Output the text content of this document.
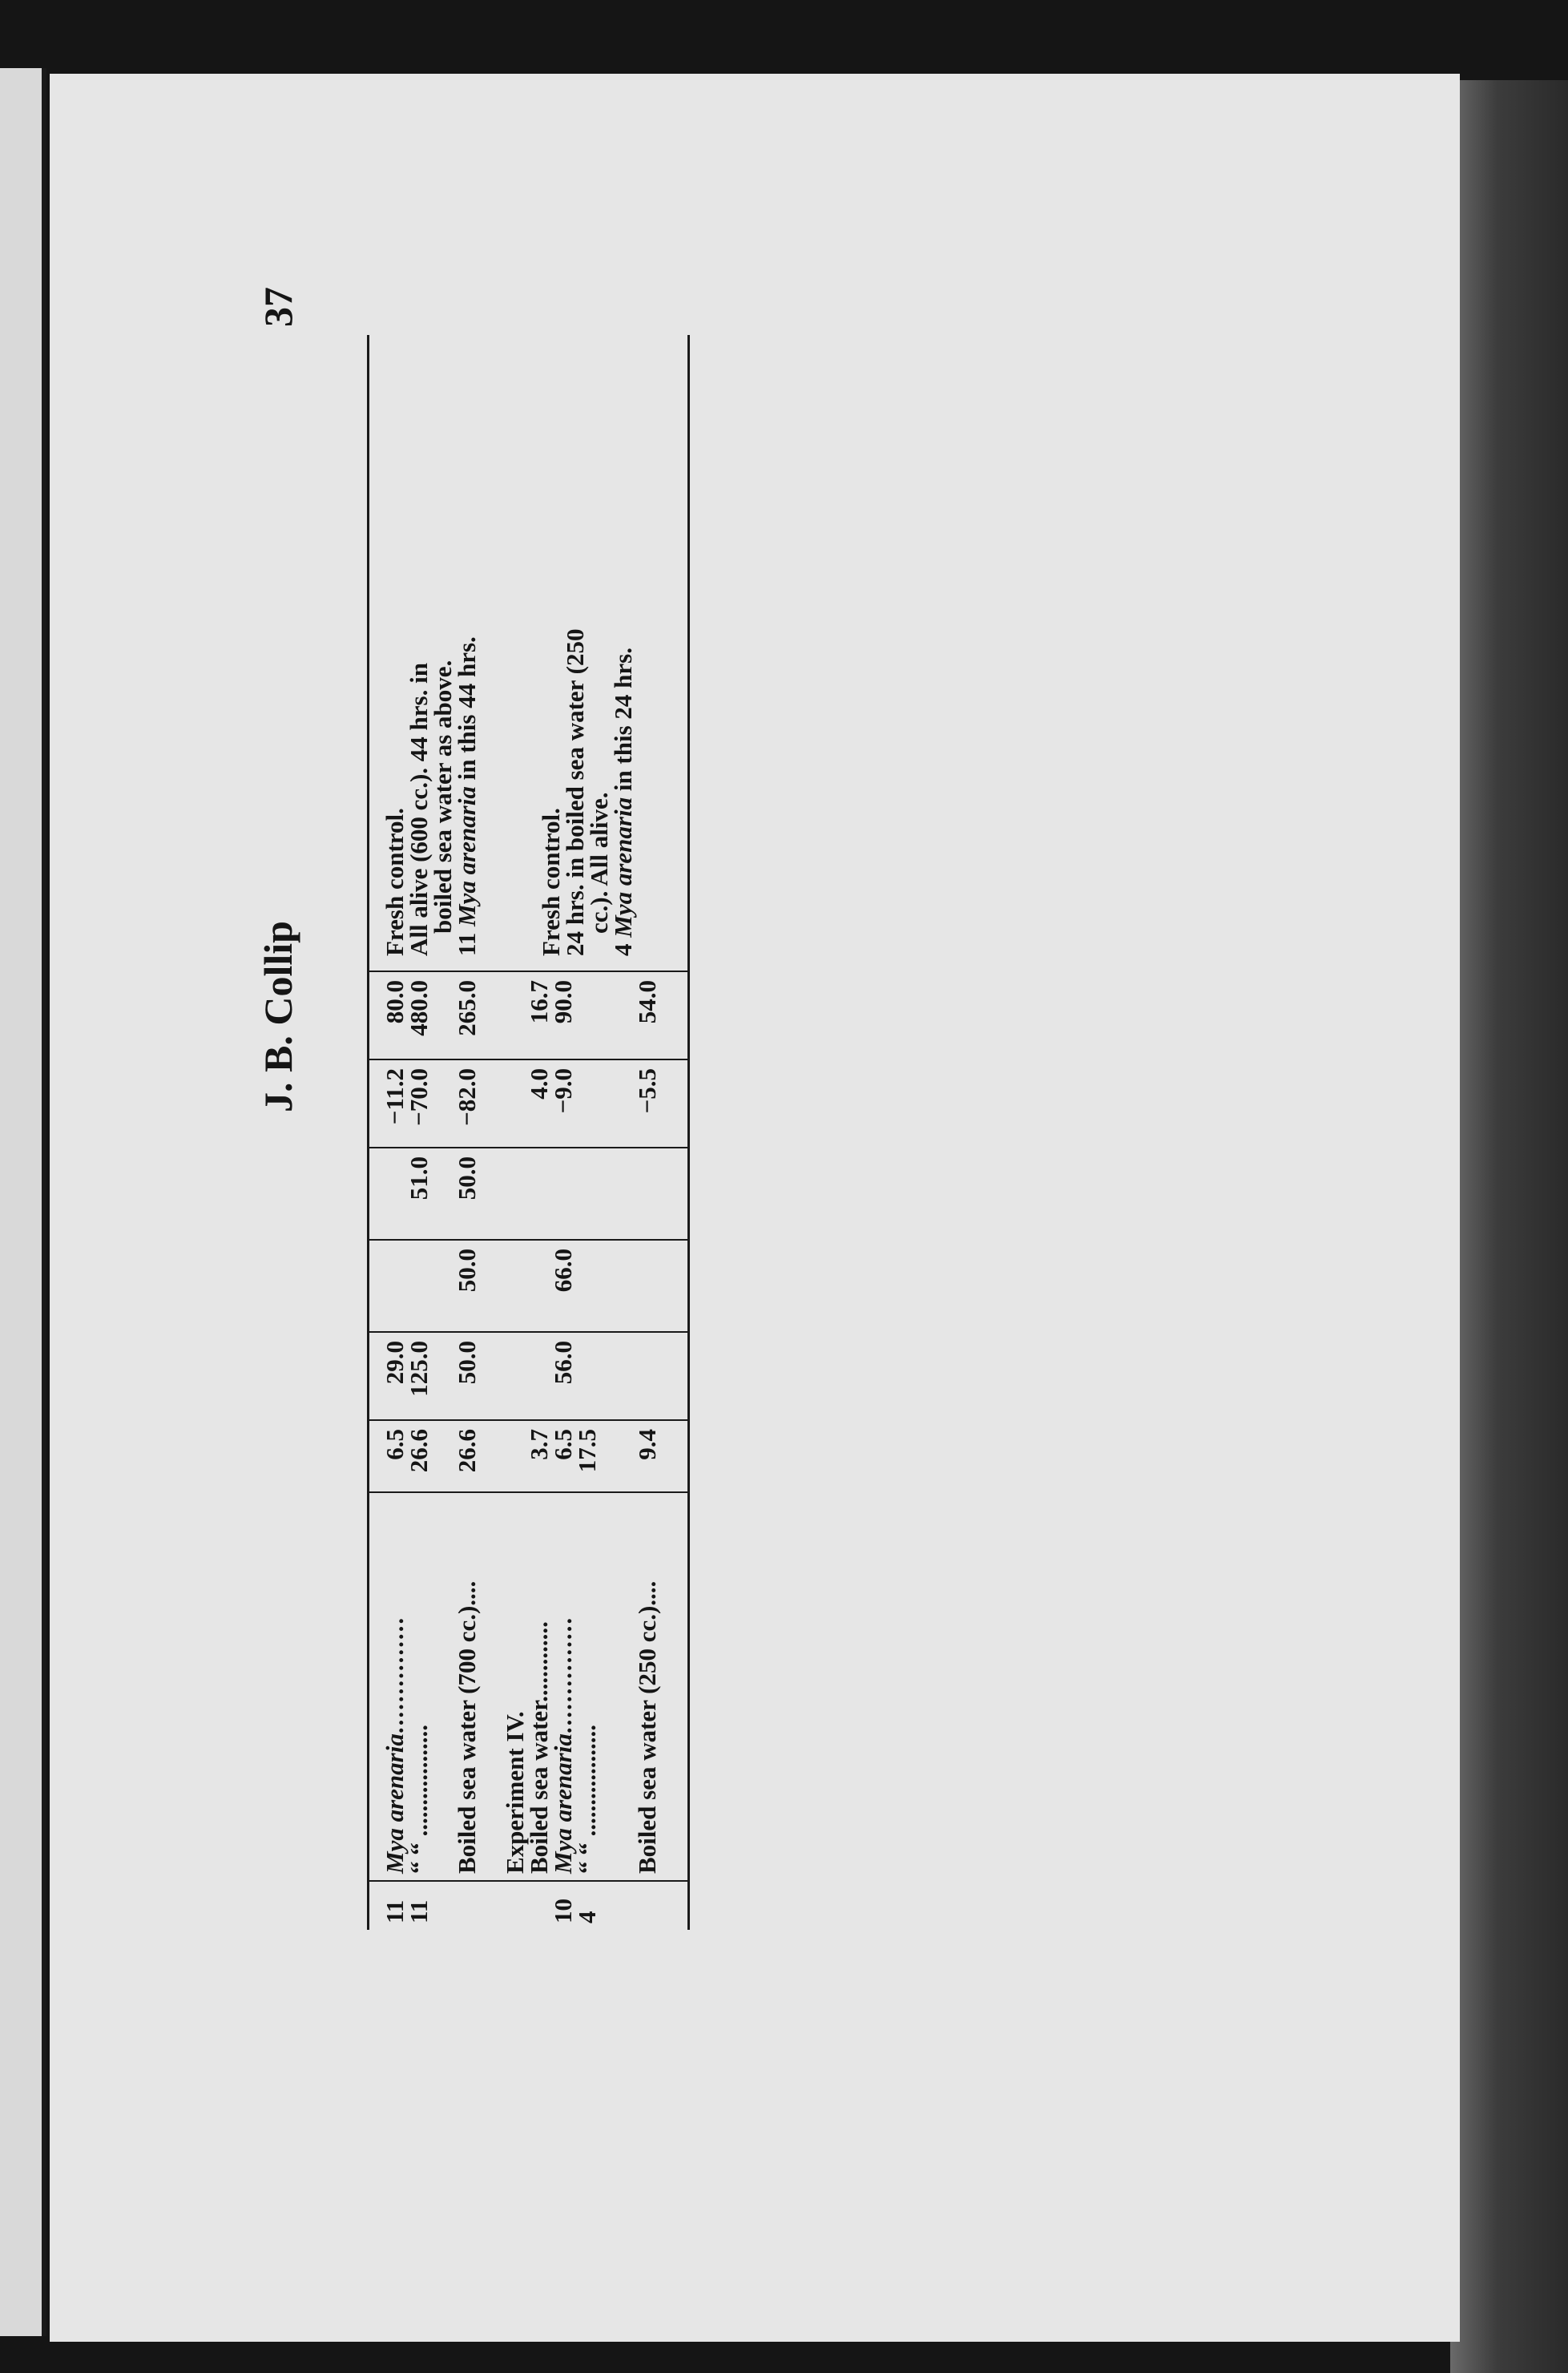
J. B. Collip
37
11
Mya arenaria...............
6.5
29.0
−11.2
80.0
11
“ “ ..................
26.6
125.0
51.0
−70.0
480.0
Boiled sea water (700 cc.)....
26.6
50.0
50.0
50.0
−82.0
265.0
Experiment IV.
Boiled sea water.............
3.7
4.0
16.7
10
Mya arenaria...............
6.5
56.0
66.0
−9.0
90.0
4
“ “ ..................
17.5
Boiled sea water (250 cc.)....
9.4
−5.5
54.0
Fresh control.
All alive (600 cc.). 44 hrs. in
boiled sea water as above.
11 Mya arenaria in this 44 hrs.
Fresh control.
24 hrs. in boiled sea water (250
cc.). All alive.
4 Mya arenaria in this 24 hrs.
